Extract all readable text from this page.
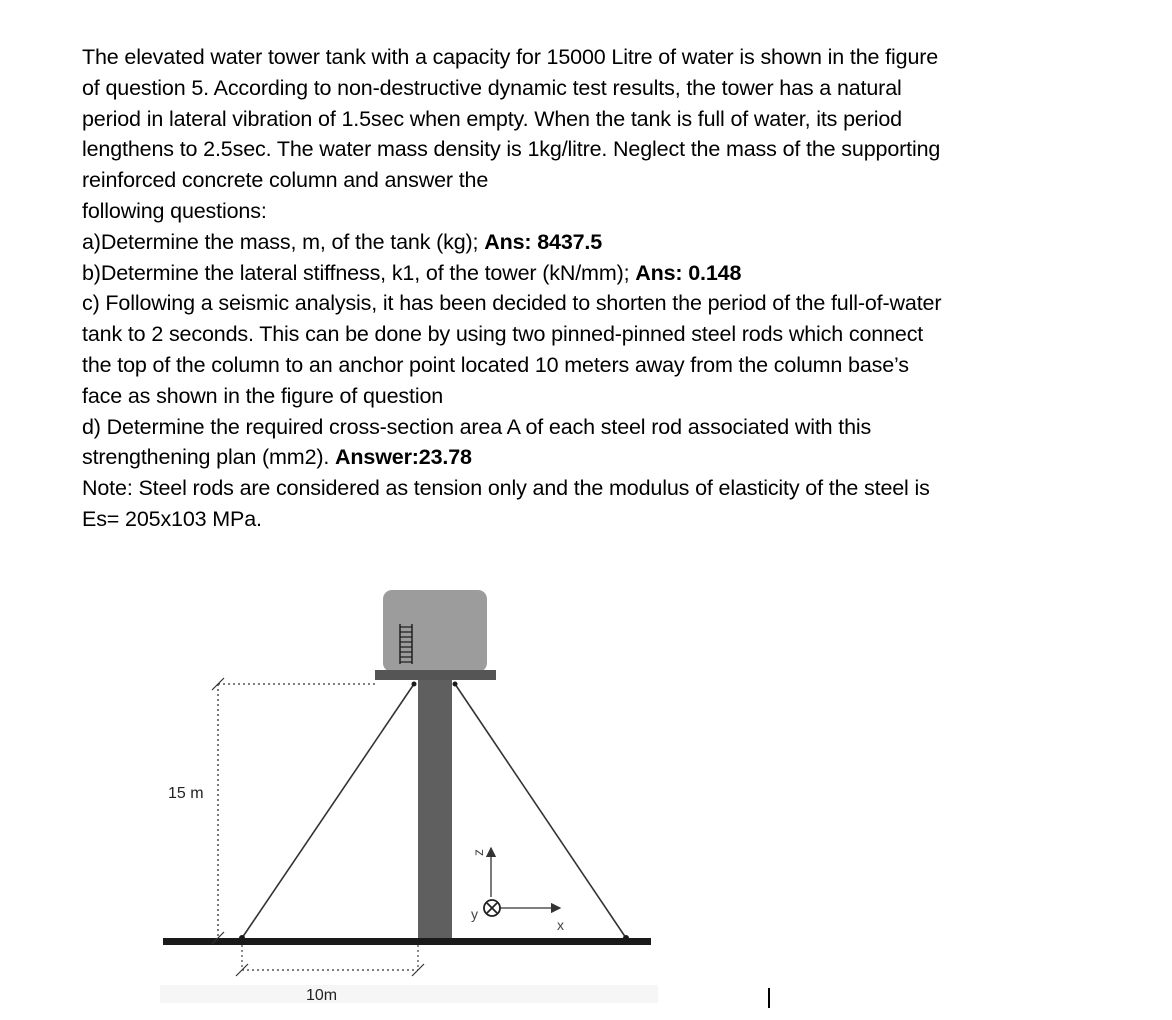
The elevated water tower tank with a capacity for 15000 Litre of water is shown in the figure
of question 5. According to non-destructive dynamic test results, the tower has a natural
period in lateral vibration of 1.5sec when empty. When the tank is full of water, its period
lengthens to 2.5sec. The water mass density is 1kg/litre. Neglect the mass of the supporting
reinforced concrete column and answer the
following questions:
a)Determine the mass, m, of the tank (kg); Ans: 8437.5
b)Determine the lateral stiffness, k1, of the tower (kN/mm); Ans: 0.148
c) Following a seismic analysis, it has been decided to shorten the period of the full-of-water
tank to 2 seconds. This can be done by using two pinned-pinned steel rods which connect
the top of the column to an anchor point located 10 meters away from the column base’s
face as shown in the figure of question
d) Determine the required cross-section area A of each steel rod associated with this
strengthening plan (mm2). Answer:23.78
Note: Steel rods are considered as tension only and the modulus of elasticity of the steel is
Es= 205x103 MPa.
15 m
10m
z
y
x
